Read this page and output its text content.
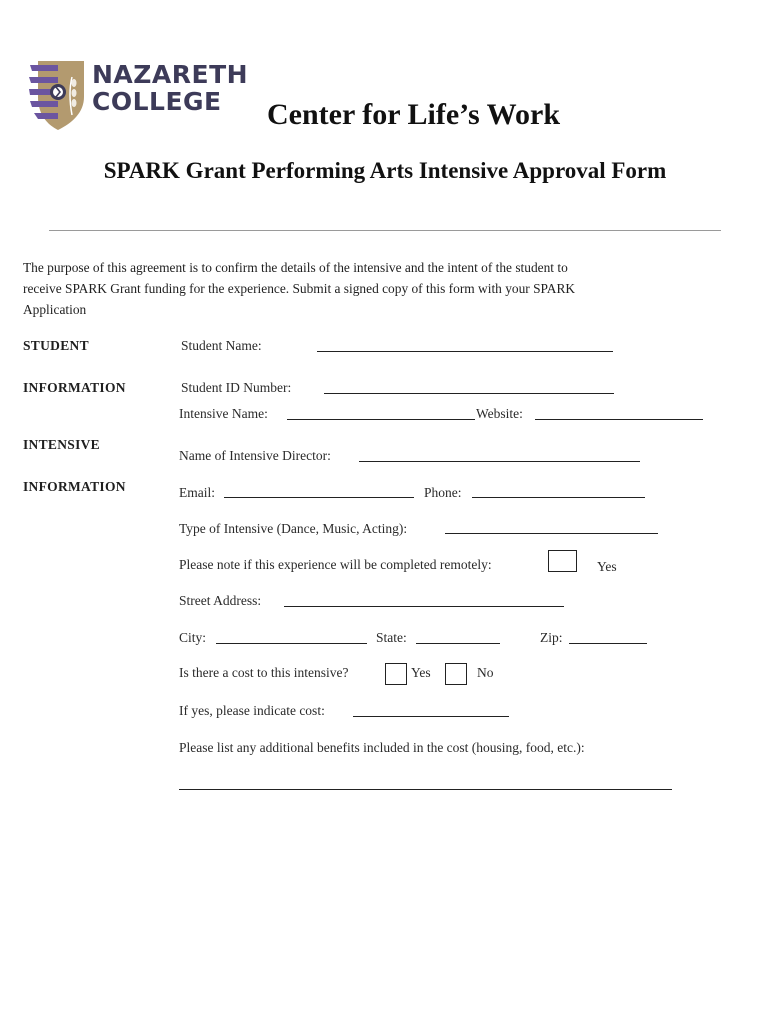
NAZARETH
COLLEGE Center for Life’s Work
SPARK Grant Performing Arts Intensive Approval Form
The purpose of this agreement is to confirm the details of the intensive and the intent of the student to
receive SPARK Grant funding for the experience. Submit a signed copy of this form with your SPARK
Application
STUDENT
INFORMATION
INTENSIVE
INFORMATION
Student Name:
Student ID Number:
Intensive Name:	Website:
Name of Intensive Director:
Email:	Phone:
Type of Intensive (Dance, Music, Acting):
Please note if this experience will be completed remotely:	Yes
Street Address:
City:	State:	Zip:
Is there a cost to this intensive?	Yes	No
If yes, please indicate cost:
Please list any additional benefits included in the cost (housing, food, etc.):
